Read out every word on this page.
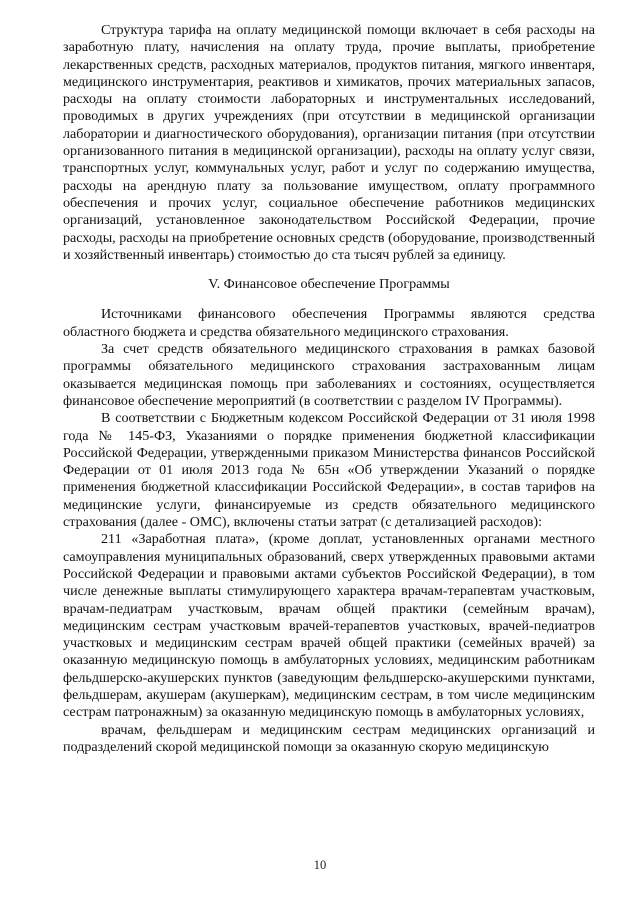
Структура тарифа на оплату медицинской помощи включает в себя расходы на заработную плату, начисления на оплату труда, прочие выплаты, приобретение лекарственных средств, расходных материалов, продуктов питания, мягкого инвентаря, медицинского инструментария, реактивов и химикатов, прочих материальных запасов, расходы на оплату стоимости лабораторных и инструментальных исследований, проводимых в других учреждениях (при отсутствии в медицинской организации лаборатории и диагностического оборудования), организации питания (при отсутствии организованного питания в медицинской организации), расходы на оплату услуг связи, транспортных услуг, коммунальных услуг, работ и услуг по содержанию имущества, расходы на арендную плату за пользование имуществом, оплату программного обеспечения и прочих услуг, социальное обеспечение работников медицинских организаций, установленное законодательством Российской Федерации, прочие расходы, расходы на приобретение основных средств (оборудование, производственный и хозяйственный инвентарь) стоимостью до ста тысяч рублей за единицу.

V. Финансовое обеспечение Программы

Источниками финансового обеспечения Программы являются средства областного бюджета и средства обязательного медицинского страхования.

За счет средств обязательного медицинского страхования в рамках базовой программы обязательного медицинского страхования застрахованным лицам оказывается медицинская помощь при заболеваниях и состояниях, осуществляется финансовое обеспечение мероприятий (в соответствии с разделом IV Программы).

В соответствии с Бюджетным кодексом Российской Федерации от 31 июля 1998 года № 145-ФЗ, Указаниями о порядке применения бюджетной классификации Российской Федерации, утвержденными приказом Министерства финансов Российской Федерации от 01 июля 2013 года № 65н «Об утверждении Указаний о порядке применения бюджетной классификации Российской Федерации», в состав тарифов на медицинские услуги, финансируемые из средств обязательного медицинского страхования (далее - ОМС), включены статьи затрат (с детализацией расходов):

211 «Заработная плата», (кроме доплат, установленных органами местного самоуправления муниципальных образований, сверх утвержденных правовыми актами Российской Федерации и правовыми актами субъектов Российской Федерации), в том числе денежные выплаты стимулирующего характера врачам-терапевтам участковым, врачам-педиатрам участковым, врачам общей практики (семейным врачам), медицинским сестрам участковым врачей-терапевтов участковых, врачей-педиатров участковых и медицинским сестрам врачей общей практики (семейных врачей) за оказанную медицинскую помощь в амбулаторных условиях, медицинским работникам фельдшерско-акушерских пунктов (заведующим фельдшерско-акушерскими пунктами, фельдшерам, акушерам (акушеркам), медицинским сестрам, в том числе медицинским сестрам патронажным) за оказанную медицинскую помощь в амбулаторных условиях,

врачам, фельдшерам и медицинским сестрам медицинских организаций и подразделений скорой медицинской помощи за оказанную скорую медицинскую

10
